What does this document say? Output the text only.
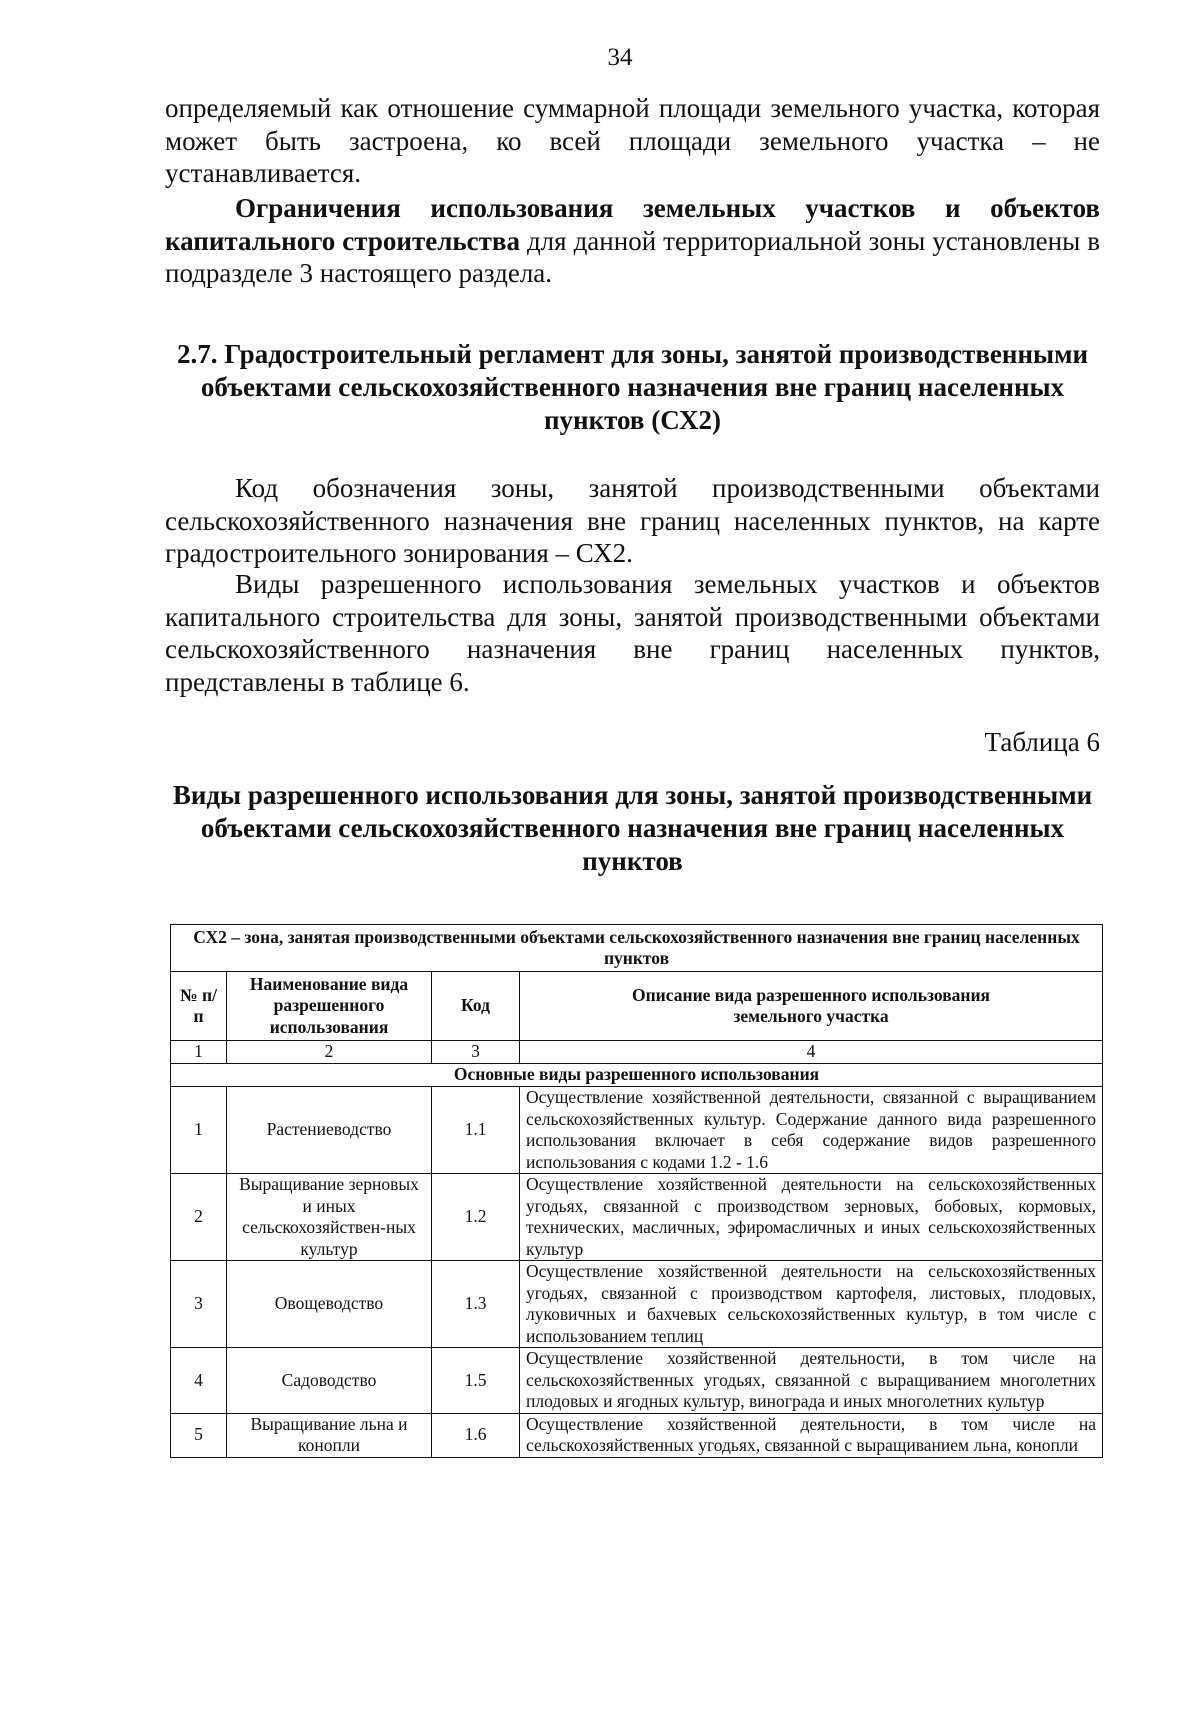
34

определяемый как отношение суммарной площади земельного участка, которая может быть застроена, ко всей площади земельного участка – не устанавливается.

Ограничения использования земельных участков и объектов капитального строительства для данной территориальной зоны установлены в подразделе 3 настоящего раздела.

2.7. Градостроительный регламент для зоны, занятой производственными объектами сельскохозяйственного назначения вне границ населенных пунктов (СХ2)

Код обозначения зоны, занятой производственными объектами сельскохозяйственного назначения вне границ населенных пунктов, на карте градостроительного зонирования – СХ2.

Виды разрешенного использования земельных участков и объектов капитального строительства для зоны, занятой производственными объектами сельскохозяйственного назначения вне границ населенных пунктов, представлены в таблице 6.

Таблица 6
Виды разрешенного использования для зоны, занятой производственными объектами сельскохозяйственного назначения вне границ населенных пунктов
СХ2 – зона, занятая производственными объектами сельскохозяйственного назначения вне границ населенных пунктов			
№ п/п	Наименование вида разрешенного использования	Код	Описание вида разрешенного использования земельного участка
1	2	3	4
Основные виды разрешенного использования			
1	Растениеводство	1.1	Осуществление хозяйственной деятельности, связанной с выращиванием сельскохозяйственных культур. Содержание данного вида разрешенного использования включает в себя содержание видов разрешенного использования с кодами 1.2 - 1.6
2	Выращивание зерновых и иных сельскохозяйствен-ных культур	1.2	Осуществление хозяйственной деятельности на сельскохозяйственных угодьях, связанной с производством зерновых, бобовых, кормовых, технических, масличных, эфиромасличных и иных сельскохозяйственных культур
3	Овощеводство	1.3	Осуществление хозяйственной деятельности на сельскохозяйственных угодьях, связанной с производством картофеля, листовых, плодовых, луковичных и бахчевых сельскохозяйственных культур, в том числе с использованием теплиц
4	Садоводство	1.5	Осуществление хозяйственной деятельности, в том числе на сельскохозяйственных угодьях, связанной с выращиванием многолетних плодовых и ягодных культур, винограда и иных многолетних культур
5	Выращивание льна и конопли	1.6	Осуществление хозяйственной деятельности, в том числе на сельскохозяйственных угодьях, связанной с выращиванием льна, конопли
